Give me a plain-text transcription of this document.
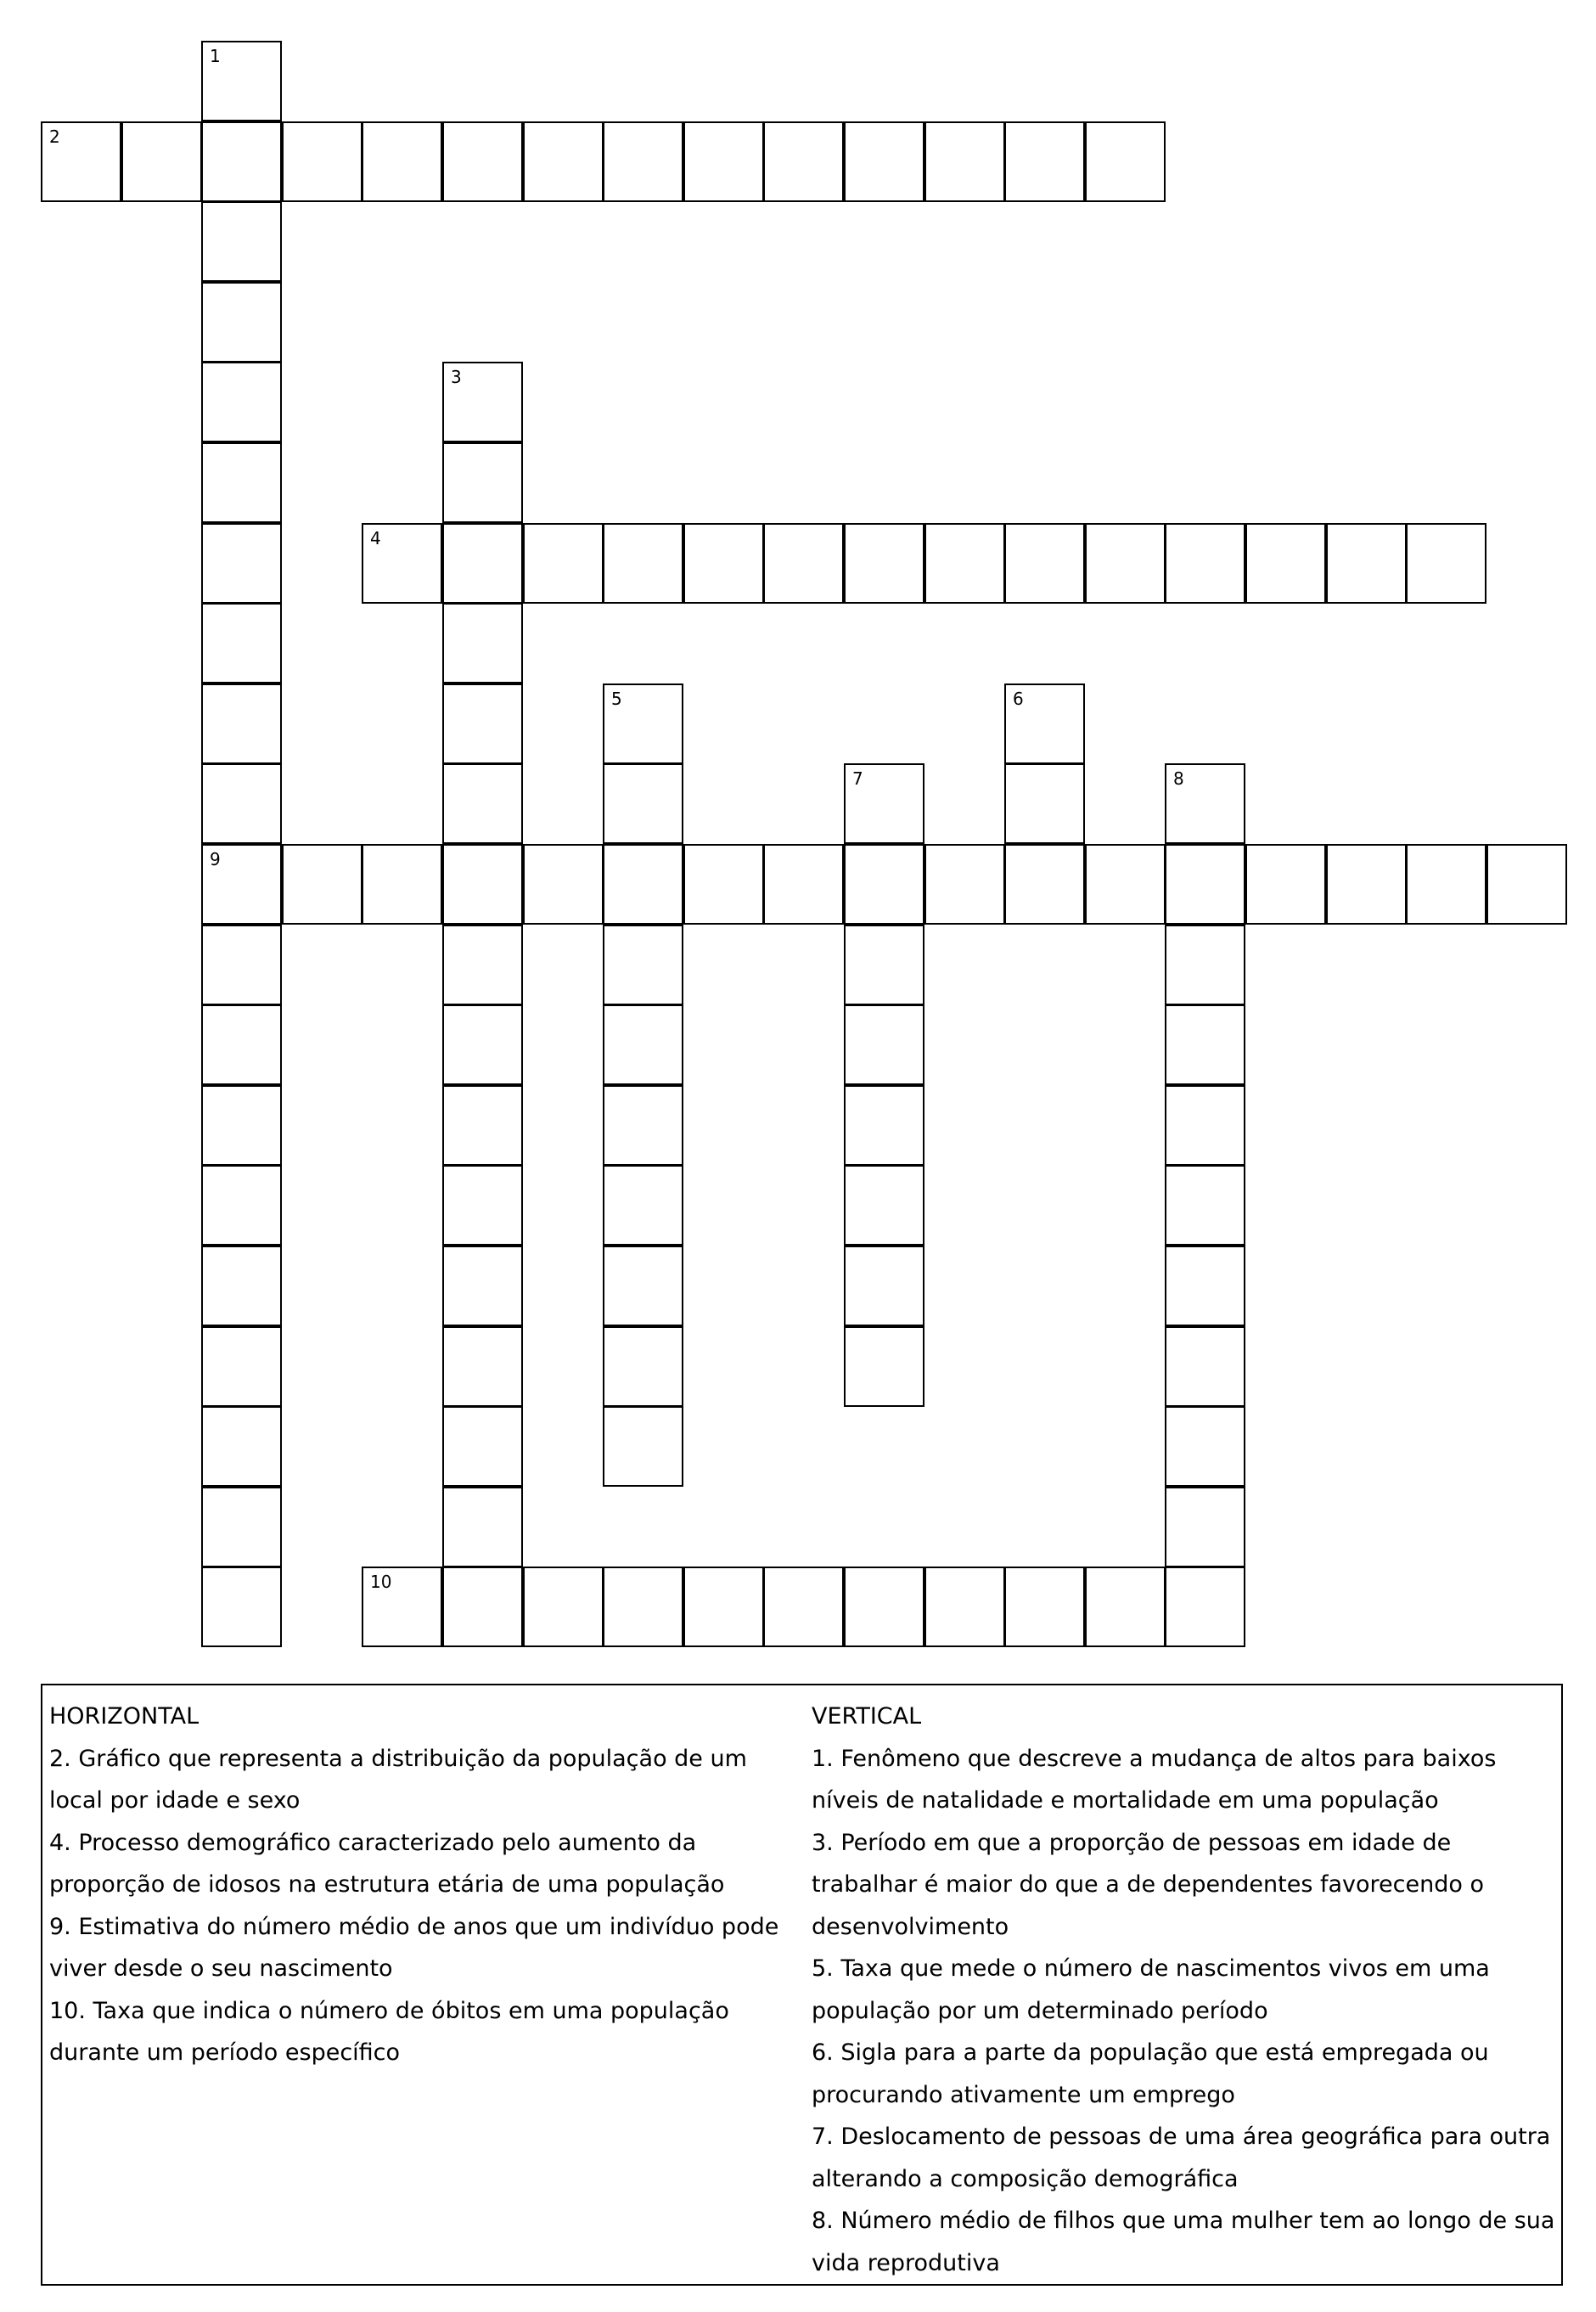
1
9
2
3
4
5	6
7	8
10

HORIZONTAL

2. Gráfico que representa a distribuição da população de um local por idade e sexo

4. Processo demográfico caracterizado pelo aumento da proporção de idosos na estrutura etária de uma população

9. Estimativa do número médio de anos que um indivíduo pode viver desde o seu nascimento

10. Taxa que indica o número de óbitos em uma população durante um período específico

VERTICAL

1. Fenômeno que descreve a mudança de altos para baixos níveis de natalidade e mortalidade em uma população

3. Período em que a proporção de pessoas em idade de trabalhar é maior do que a de dependentes favorecendo o desenvolvimento

5. Taxa que mede o número de nascimentos vivos em uma população por um determinado período

6. Sigla para a parte da população que está empregada ou procurando ativamente um emprego

7. Deslocamento de pessoas de uma área geográfica para outra alterando a composição demográfica

8. Número médio de filhos que uma mulher tem ao longo de sua vida reprodutiva
